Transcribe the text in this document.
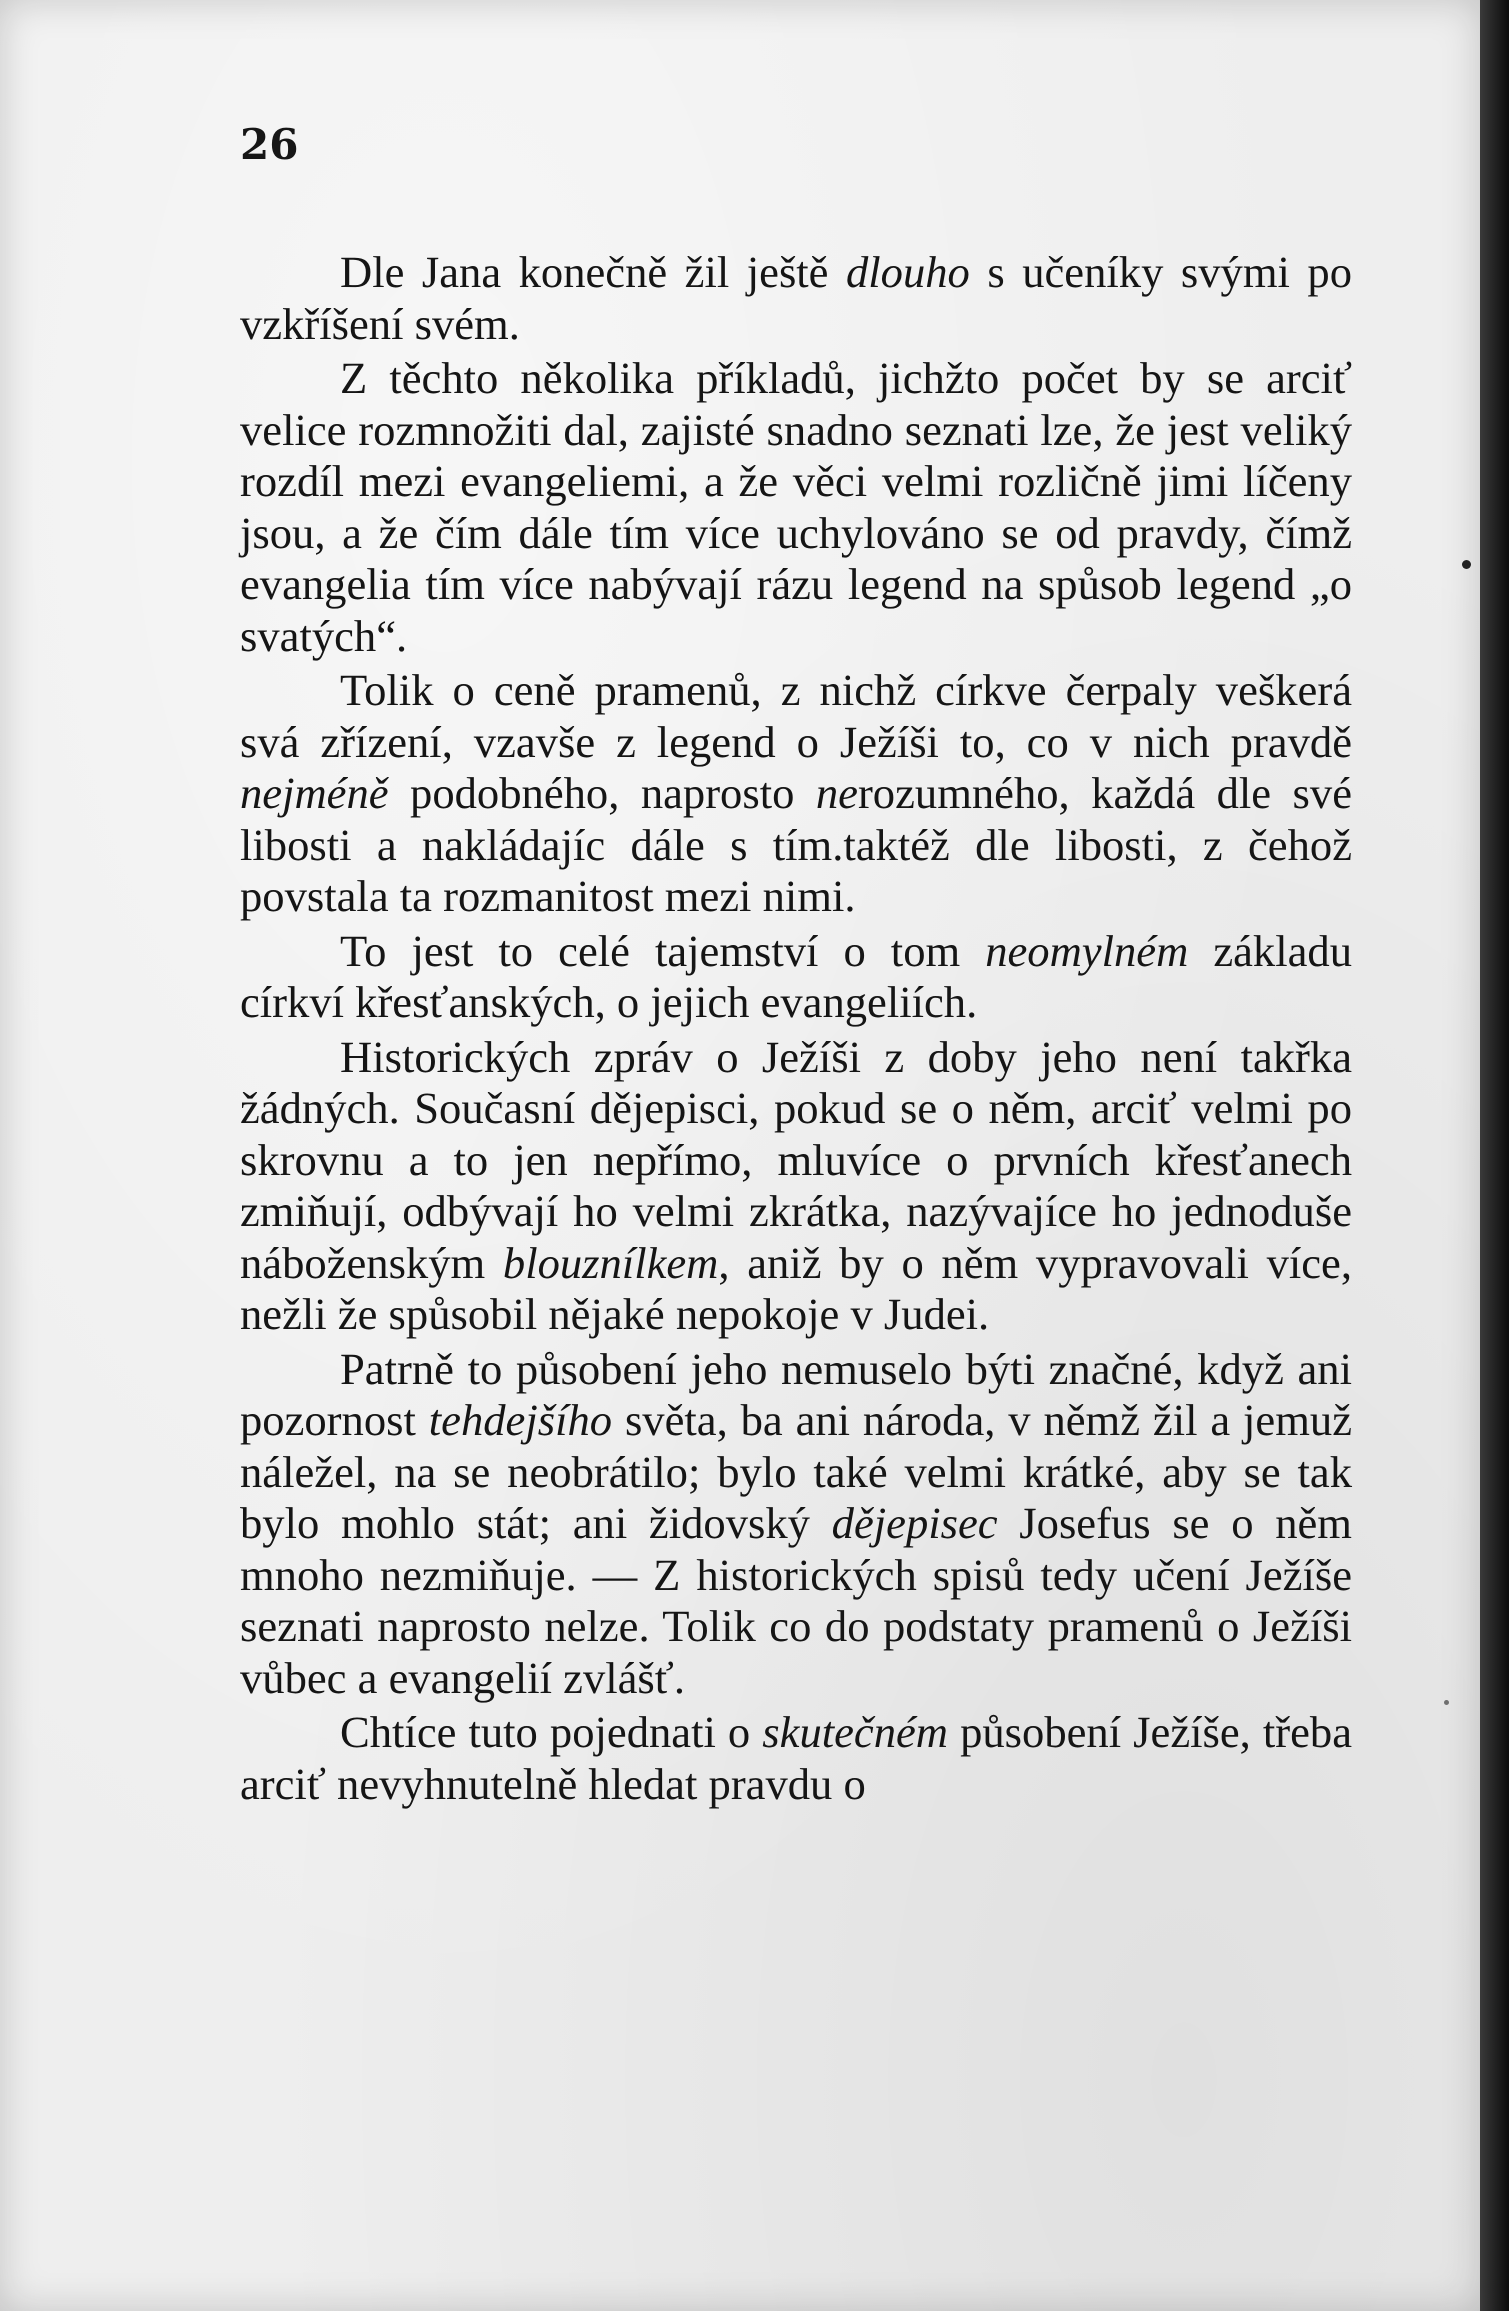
26

Dle Jana konečně žil ještě dlouho s učeníky svými po vzkříšení svém.

Z těchto několika příkladů, jichžto počet by se arciť velice rozmnožiti dal, zajisté snadno seznati lze, že jest veliký rozdíl mezi evangeliemi, a že věci velmi rozličně jimi líčeny jsou, a že čím dále tím více uchylováno se od pravdy, čímž evangelia tím více nabývají rázu legend na spůsob legend „o svatých“.

Tolik o ceně pramenů, z nichž církve čerpaly veškerá svá zřízení, vzavše z legend o Ježíši to, co v nich pravdě nejméně podobného, naprosto nerozumného, každá dle své libosti a nakládajíc dále s tím.taktéž dle libosti, z čehož povstala ta rozmanitost mezi nimi.

To jest to celé tajemství o tom neomylném základu církví křesťanských, o jejich evangeliích.

Historických zpráv o Ježíši z doby jeho není takřka žádných. Současní dějepisci, pokud se o něm, arciť velmi po skrovnu a to jen nepřímo, mluvíce o prvních křesťanech zmiňují, odbývají ho velmi zkrátka, nazývajíce ho jednoduše náboženským blouznílkem, aniž by o něm vypravovali více, nežli že spůsobil nějaké nepokoje v Judei.

Patrně to působení jeho nemuselo býti značné, když ani pozornost tehdejšího světa, ba ani národa, v němž žil a jemuž náležel, na se neobrátilo; bylo také velmi krátké, aby se tak bylo mohlo stát; ani židovský dějepisec Josefus se o něm mnoho nezmiňuje. — Z historických spisů tedy učení Ježíše seznati naprosto nelze. Tolik co do podstaty pramenů o Ježíši vůbec a evangelií zvlášť.

Chtíce tuto pojednati o skutečném působení Ježíše, třeba arciť nevyhnutelně hledat pravdu o
